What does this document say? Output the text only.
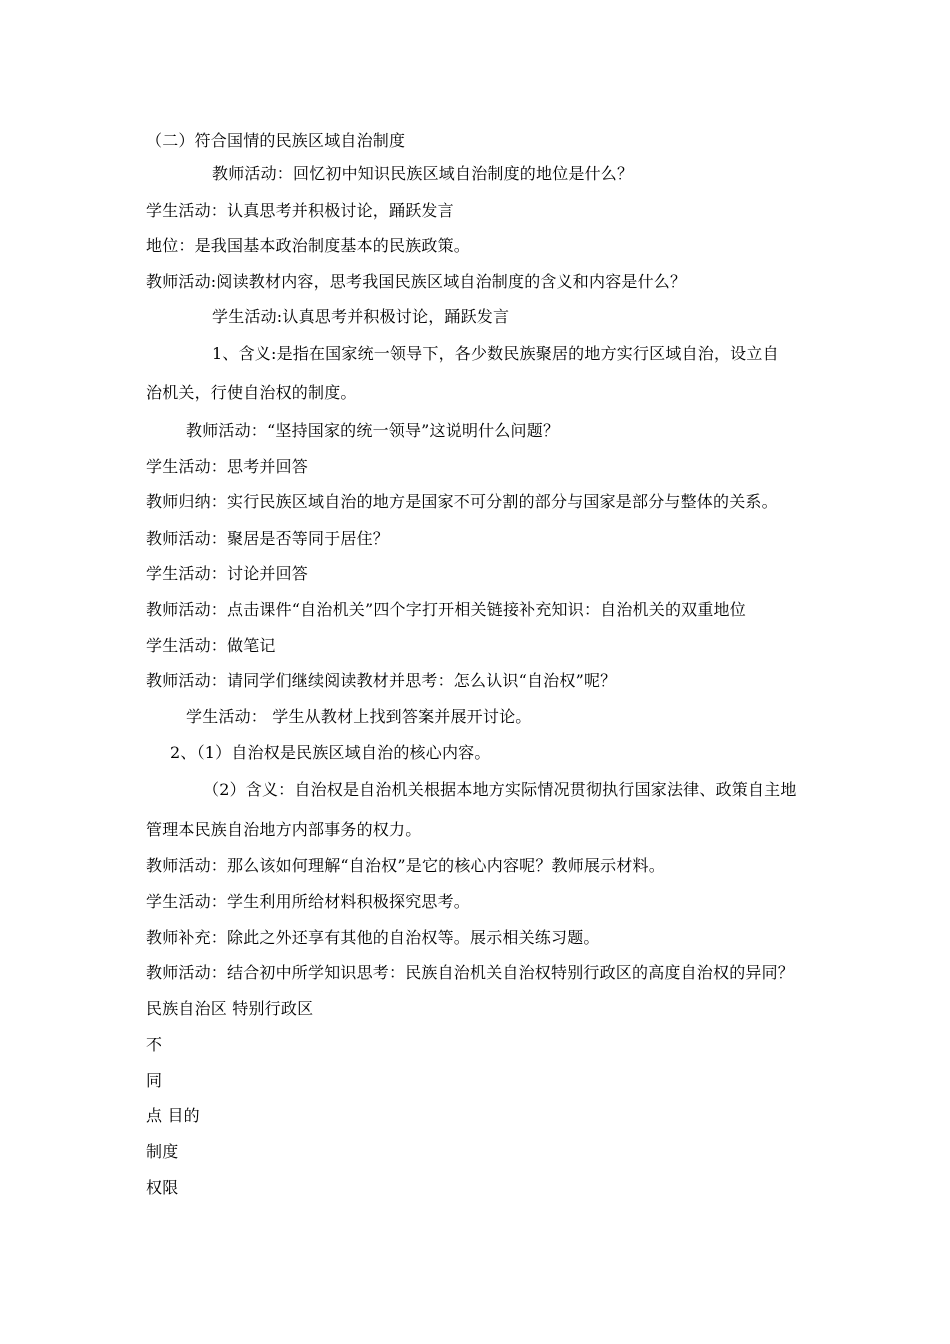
（二）符合国情的民族区域自治制度
教师活动：回忆初中知识民族区域自治制度的地位是什么？
学生活动：认真思考并积极讨论，踊跃发言
地位：是我国基本政治制度基本的民族政策。
教师活动:阅读教材内容，思考我国民族区域自治制度的含义和内容是什么？
学生活动:认真思考并积极讨论，踊跃发言
1、含义:是指在国家统一领导下，各少数民族聚居的地方实行区域自治，设立自
治机关，行使自治权的制度。
教师活动：“坚持国家的统一领导”这说明什么问题？
学生活动：思考并回答
教师归纳：实行民族区域自治的地方是国家不可分割的部分与国家是部分与整体的关系。
教师活动：聚居是否等同于居住？
学生活动：讨论并回答
教师活动：点击课件“自治机关”四个字打开相关链接补充知识：自治机关的双重地位
学生活动：做笔记
教师活动：请同学们继续阅读教材并思考：怎么认识“自治权”呢？
学生活动： 学生从教材上找到答案并展开讨论。
2、（1）自治权是民族区域自治的核心内容。
（2）含义：自治权是自治机关根据本地方实际情况贯彻执行国家法律、政策自主地
管理本民族自治地方内部事务的权力。
教师活动：那么该如何理解“自治权”是它的核心内容呢？教师展示材料。
学生活动：学生利用所给材料积极探究思考。
教师补充：除此之外还享有其他的自治权等。展示相关练习题。
教师活动：结合初中所学知识思考：民族自治机关自治权特别行政区的高度自治权的异同？
民族自治区 特别行政区
不
同
点 目的
制度
权限
